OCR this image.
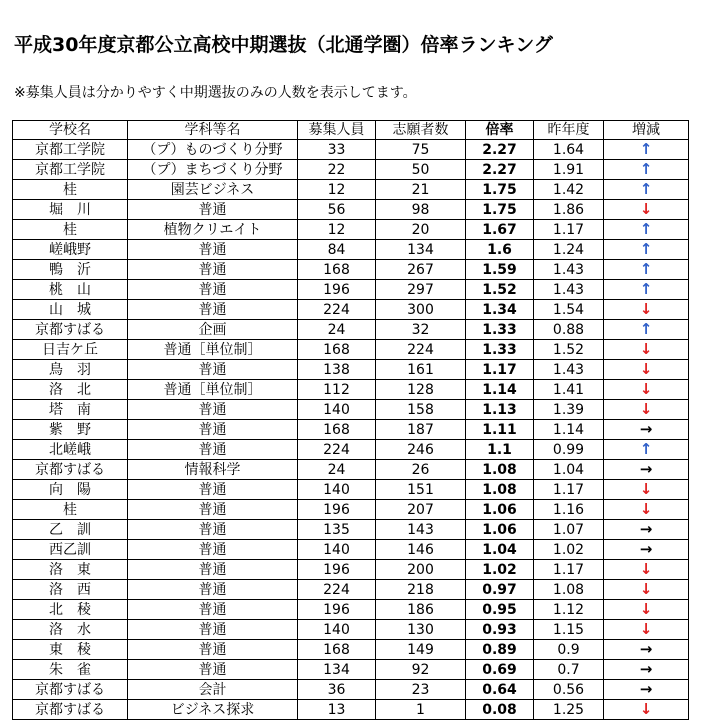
平成30年度京都公立高校中期選抜（北通学圏）倍率ランキング
※募集人員は分かりやすく中期選抜のみの人数を表示してます。
学校名	学科等名	募集人員	志願者数	倍率	昨年度	増減
京都工学院	（プ）ものづくり分野	33	75	2.27	1.64	↑
京都工学院	（プ）まちづくり分野	22	50	2.27	1.91	↑
桂	園芸ビジネス	12	21	1.75	1.42	↑
堀　川	普通	56	98	1.75	1.86	↓
桂	植物クリエイト	12	20	1.67	1.17	↑
嵯峨野	普通	84	134	1.6	1.24	↑
鴨　沂	普通	168	267	1.59	1.43	↑
桃　山	普通	196	297	1.52	1.43	↑
山　城	普通	224	300	1.34	1.54	↓
京都すばる	企画	24	32	1.33	0.88	↑
日吉ケ丘	普通［単位制］	168	224	1.33	1.52	↓
鳥　羽	普通	138	161	1.17	1.43	↓
洛　北	普通［単位制］	112	128	1.14	1.41	↓
塔　南	普通	140	158	1.13	1.39	↓
紫　野	普通	168	187	1.11	1.14	→
北嵯峨	普通	224	246	1.1	0.99	↑
京都すばる	情報科学	24	26	1.08	1.04	→
向　陽	普通	140	151	1.08	1.17	↓
桂	普通	196	207	1.06	1.16	↓
乙　訓	普通	135	143	1.06	1.07	→
西乙訓	普通	140	146	1.04	1.02	→
洛　東	普通	196	200	1.02	1.17	↓
洛　西	普通	224	218	0.97	1.08	↓
北　稜	普通	196	186	0.95	1.12	↓
洛　水	普通	140	130	0.93	1.15	↓
東　稜	普通	168	149	0.89	0.9	→
朱　雀	普通	134	92	0.69	0.7	→
京都すばる	会計	36	23	0.64	0.56	→
京都すばる	ビジネス探求	13	1	0.08	1.25	↓
